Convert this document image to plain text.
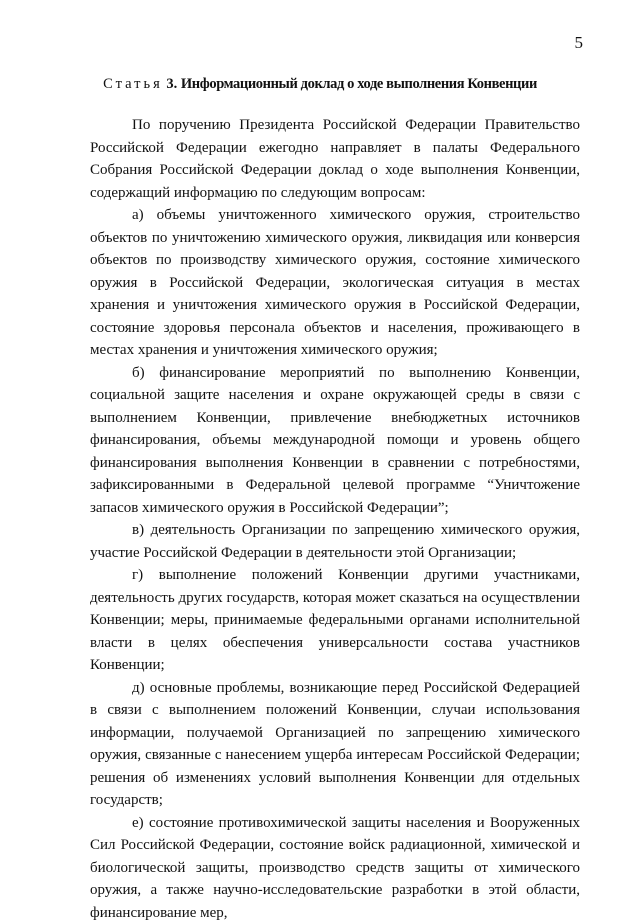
5
Статья 3. Информационный доклад о ходе выполнения Конвенции

По поручению Президента Российской Федерации Правительство Российской Федерации ежегодно направляет в палаты Федерального Собрания Российской Федерации доклад о ходе выполнения Конвенции, содержащий информацию по следующим вопросам:

а) объемы уничтоженного химического оружия, строительство объектов по уничтожению химического оружия, ликвидация или конверсия объектов по производству химического оружия, состояние химического оружия в Российской Федерации, экологическая ситуация в местах хранения и уничтожения химического оружия в Российской Федерации, состояние здоровья персонала объектов и населения, проживающего в местах хранения и уничтожения химического оружия;

б) финансирование мероприятий по выполнению Конвенции, социальной защите населения и охране окружающей среды в связи с выполнением Конвенции, привлечение внебюджетных источников финансирования, объемы международной помощи и уровень общего финансирования выполнения Конвенции в сравнении с потребностями, зафиксированными в Федеральной целевой программе “Уничтожение запасов химического оружия в Российской Федерации”;

в) деятельность Организации по запрещению химического оружия, участие Российской Федерации в деятельности этой Организации;

г) выполнение положений Конвенции другими участниками, деятельность других государств, которая может сказаться на осуществлении Конвенции; меры, принимаемые федеральными органами исполнительной власти в целях обеспечения универсальности состава участников Конвенции;

д) основные проблемы, возникающие перед Российской Федерацией в связи с выполнением положений Конвенции, случаи использования информации, получаемой Организацией по запрещению химического оружия, связанные с нанесением ущерба интересам Российской Федерации; решения об изменениях условий выполнения Конвенции для отдельных государств;

е) состояние противохимической защиты населения и Вооруженных Сил Российской Федерации, состояние войск радиационной, химической и биологической защиты, производство средств защиты от химического оружия, а также научно-исследовательские разработки в этой области, финансирование мер,
